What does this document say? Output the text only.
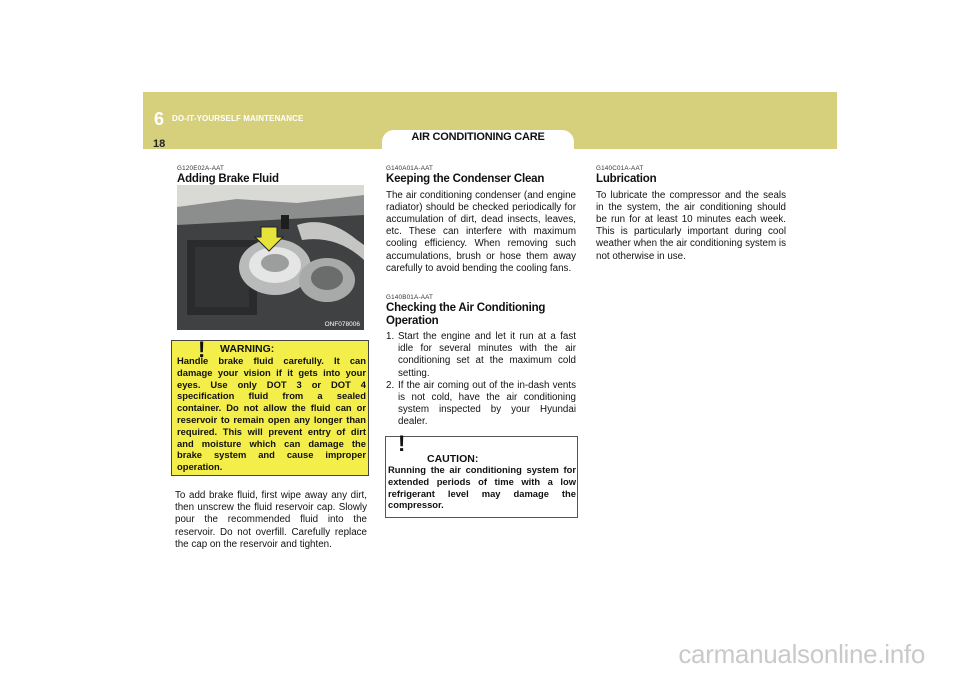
6 DO-IT-YOURSELF MAINTENANCE
18
AIR CONDITIONING CARE
G120E02A-AAT
Adding Brake Fluid
ONF078006
! WARNING:
Handle brake fluid carefully. It can damage your vision if it gets into your eyes. Use only DOT 3 or DOT 4 specification fluid from a sealed container. Do not allow the fluid can or reservoir to remain open any longer than required. This will prevent entry of dirt and moisture which can damage the brake system and cause improper operation.
To add brake fluid, first wipe away any dirt, then unscrew the fluid reservoir cap. Slowly pour the recommended fluid into the reservoir. Do not overfill. Carefully replace the cap on the reservoir and tighten.
G140A01A-AAT
Keeping the Condenser Clean
The air conditioning condenser (and engine radiator) should be checked periodically for accumulation of dirt, dead insects, leaves, etc. These can interfere with maximum cooling efficiency. When removing such accumulations, brush or hose them away carefully to avoid bending the cooling fans.
G140B01A-AAT
Checking the Air Conditioning Operation
1. Start the engine and let it run at a fast idle for several minutes with the air conditioning set at the maximum cold setting.
2. If the air coming out of the in-dash vents is not cold, have the air conditioning system inspected by your Hyundai dealer.
!
CAUTION:
Running the air conditioning system for extended periods of time with a low refrigerant level may damage the compressor.
G140C01A-AAT
Lubrication
To lubricate the compressor and the seals in the system, the air conditioning should be run for at least 10 minutes each week. This is particularly important during cool weather when the air conditioning system is not otherwise in use.
carmanualsonline.info
